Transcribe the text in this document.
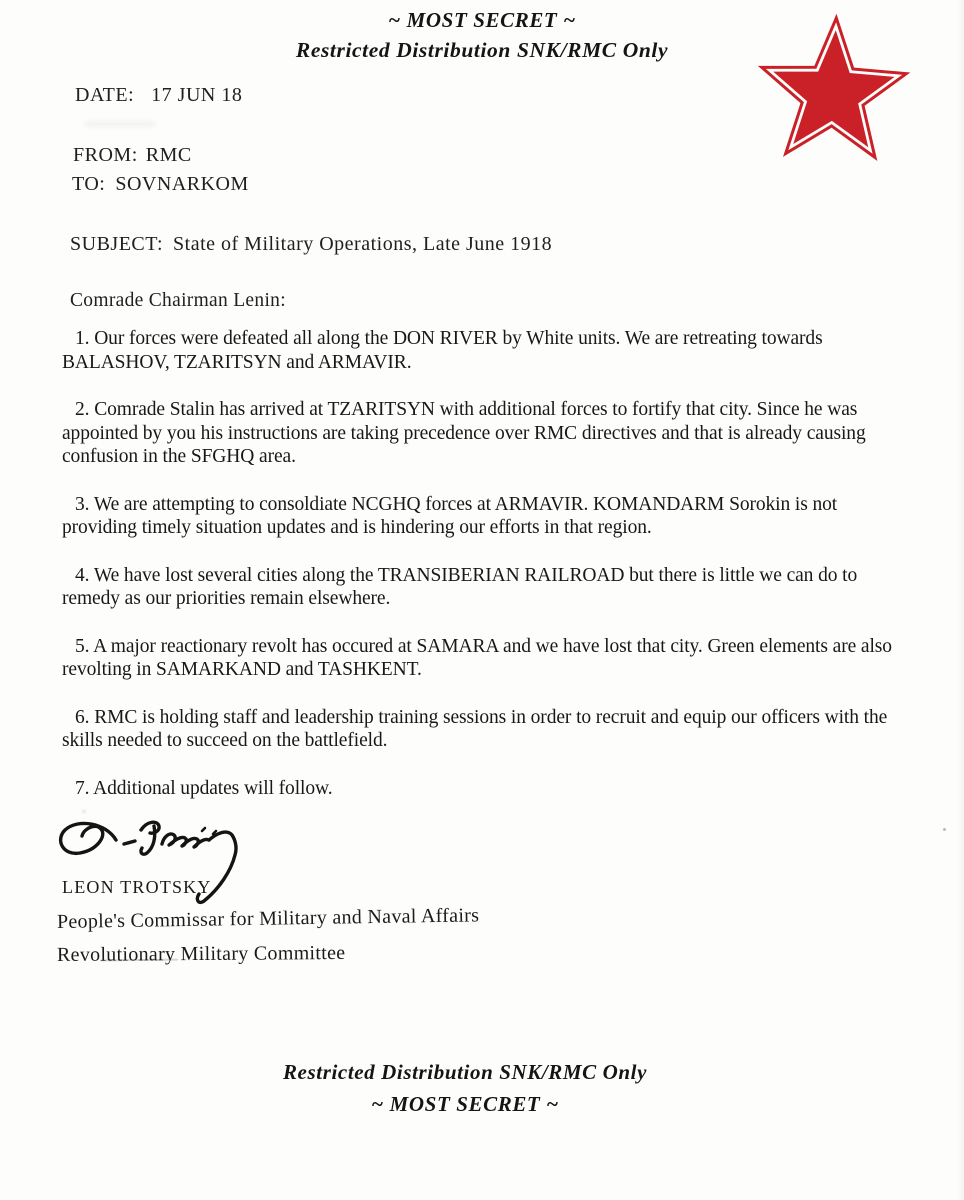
~ MOST SECRET ~
Restricted Distribution SNK/RMC Only
DATE: 17 JUN 18
FROM: RMC
TO: SOVNARKOM
SUBJECT: State of Military Operations, Late June 1918
Comrade Chairman Lenin:

1. Our forces were defeated all along the DON RIVER by White units. We are retreating towards BALASHOV, TZARITSYN and ARMAVIR.

2. Comrade Stalin has arrived at TZARITSYN with additional forces to fortify that city. Since he was appointed by you his instructions are taking precedence over RMC directives and that is already causing confusion in the SFGHQ area.

3. We are attempting to consoldiate NCGHQ forces at ARMAVIR. KOMANDARM Sorokin is not providing timely situation updates and is hindering our efforts in that region.

4. We have lost several cities along the TRANSIBERIAN RAILROAD but there is little we can do to remedy as our priorities remain elsewhere.

5. A major reactionary revolt has occured at SAMARA and we have lost that city. Green elements are also revolting in SAMARKAND and TASHKENT.

6. RMC is holding staff and leadership training sessions in order to recruit and equip our officers with the skills needed to succeed on the battlefield.

7. Additional updates will follow.

LEON TROTSKY
People's Commissar for Military and Naval Affairs
Revolutionary Military Committee
Restricted Distribution SNK/RMC Only
~ MOST SECRET ~
